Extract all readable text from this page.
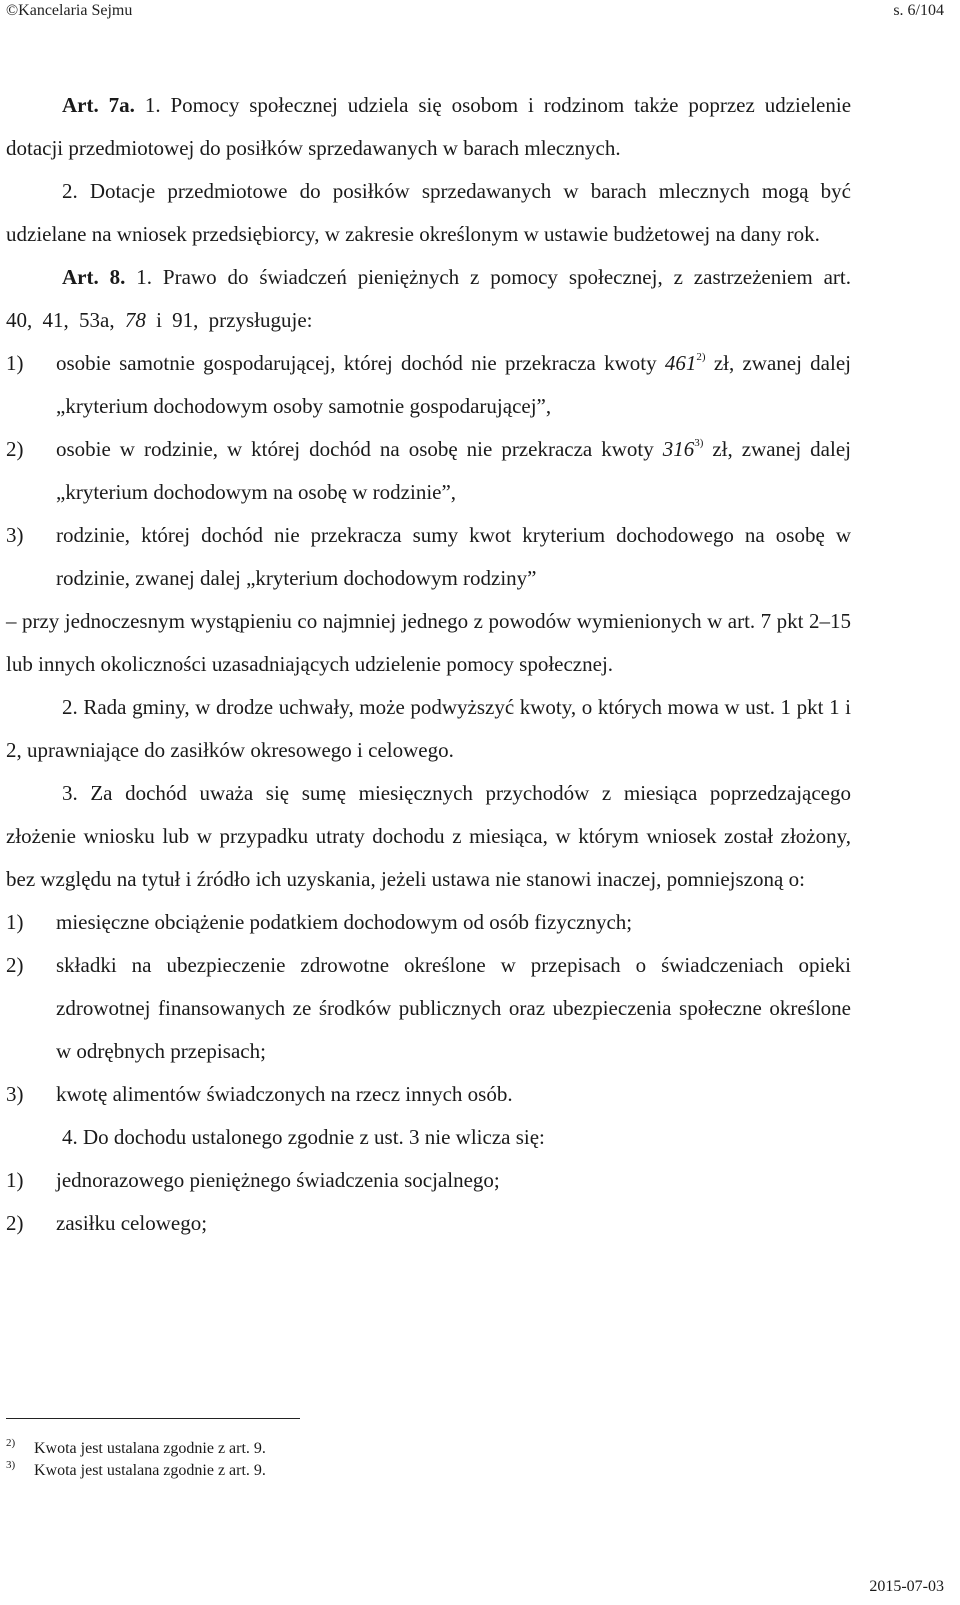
©Kancelaria Sejmu	s. 6/104

Art. 7a. 1. Pomocy społecznej udziela się osobom i rodzinom także poprzez udzielenie dotacji przedmiotowej do posiłków sprzedawanych w barach mlecznych.

2. Dotacje przedmiotowe do posiłków sprzedawanych w barach mlecznych mogą być udzielane na wniosek przedsiębiorcy, w zakresie określonym w ustawie budżetowej na dany rok.

Art. 8. 1. Prawo do świadczeń pieniężnych z pomocy społecznej, z zastrzeżeniem art. 40, 41, 53a, 78 i 91, przysługuje:

1) osobie samotnie gospodarującej, której dochód nie przekracza kwoty 461$^{2)}$ zł, zwanej dalej „kryterium dochodowym osoby samotnie gospodarującej”,
2) osobie w rodzinie, w której dochód na osobę nie przekracza kwoty 316$^{3)}$ zł, zwanej dalej „kryterium dochodowym na osobę w rodzinie”,
3) rodzinie, której dochód nie przekracza sumy kwot kryterium dochodowego na osobę w rodzinie, zwanej dalej „kryterium dochodowym rodziny”

– przy jednoczesnym wystąpieniu co najmniej jednego z powodów wymienionych w art. 7 pkt 2–15 lub innych okoliczności uzasadniających udzielenie pomocy społecznej.

2. Rada gminy, w drodze uchwały, może podwyższyć kwoty, o których mowa w ust. 1 pkt 1 i 2, uprawniające do zasiłków okresowego i celowego.

3. Za dochód uważa się sumę miesięcznych przychodów z miesiąca poprzedzającego złożenie wniosku lub w przypadku utraty dochodu z miesiąca, w którym wniosek został złożony, bez względu na tytuł i źródło ich uzyskania, jeżeli ustawa nie stanowi inaczej, pomniejszoną o:

1) miesięczne obciążenie podatkiem dochodowym od osób fizycznych;
2) składki na ubezpieczenie zdrowotne określone w przepisach o świadczeniach opieki zdrowotnej finansowanych ze środków publicznych oraz ubezpieczenia społeczne określone w odrębnych przepisach;
3) kwotę alimentów świadczonych na rzecz innych osób.

4. Do dochodu ustalonego zgodnie z ust. 3 nie wlicza się:

1) jednorazowego pieniężnego świadczenia socjalnego;
2) zasiłku celowego;
2) Kwota jest ustalana zgodnie z art. 9.
3) Kwota jest ustalana zgodnie z art. 9.
2015-07-03
